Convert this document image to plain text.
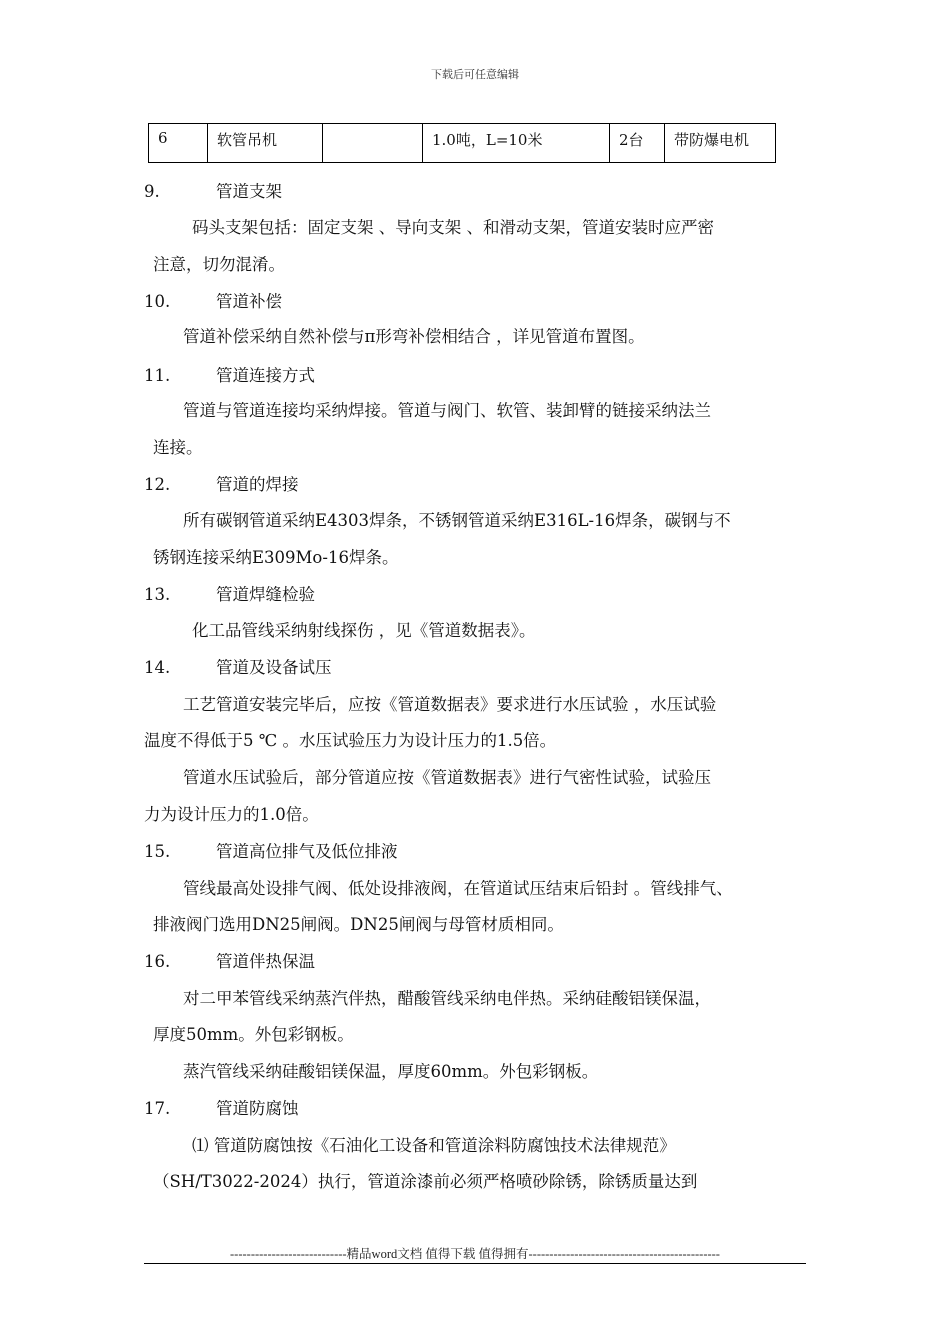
下载后可任意编辑
6	软管吊机		1.0吨，L=10米	2台	带防爆电机
9.	管道支架
码头支架包括：固定支架 、导向支架 、和滑动支架，管道安装时应严密
注意，切勿混淆。
10.	管道补偿
管道补偿采纳自然补偿与π形弯补偿相结合 ，详见管道布置图。
11.	管道连接方式
管道与管道连接均采纳焊接。管道与阀门、软管、装卸臂的链接采纳法兰
连接。
12.	管道的焊接
所有碳钢管道采纳E4303焊条，不锈钢管道采纳E316L-16焊条，碳钢与不
锈钢连接采纳E309Mo-16焊条。
13.	管道焊缝检验
化工品管线采纳射线探伤 ，见《管道数据表》。
14.	管道及设备试压
工艺管道安装完毕后，应按《管道数据表》要求进行水压试验 ，水压试验
温度不得低于5 ℃ 。水压试验压力为设计压力的1.5倍。
管道水压试验后，部分管道应按《管道数据表》进行气密性试验，试验压
力为设计压力的1.0倍。
15.	管道高位排气及低位排液
管线最高处设排气阀、低处设排液阀，在管道试压结束后铅封 。管线排气、
排液阀门选用DN25闸阀。DN25闸阀与母管材质相同。
16.	管道伴热保温
对二甲苯管线采纳蒸汽伴热，醋酸管线采纳电伴热。采纳硅酸铝镁保温，
厚度50mm。外包彩钢板。
蒸汽管线采纳硅酸铝镁保温，厚度60mm。外包彩钢板。
17.	管道防腐蚀
⑴ 管道防腐蚀按《石油化工设备和管道涂料防腐蚀技术法律规范》
（SH/T3022-2024）执行，管道涂漆前必须严格喷砂除锈，除锈质量达到
----------------------------精品word文档 值得下载 值得拥有----------------------------------------------
